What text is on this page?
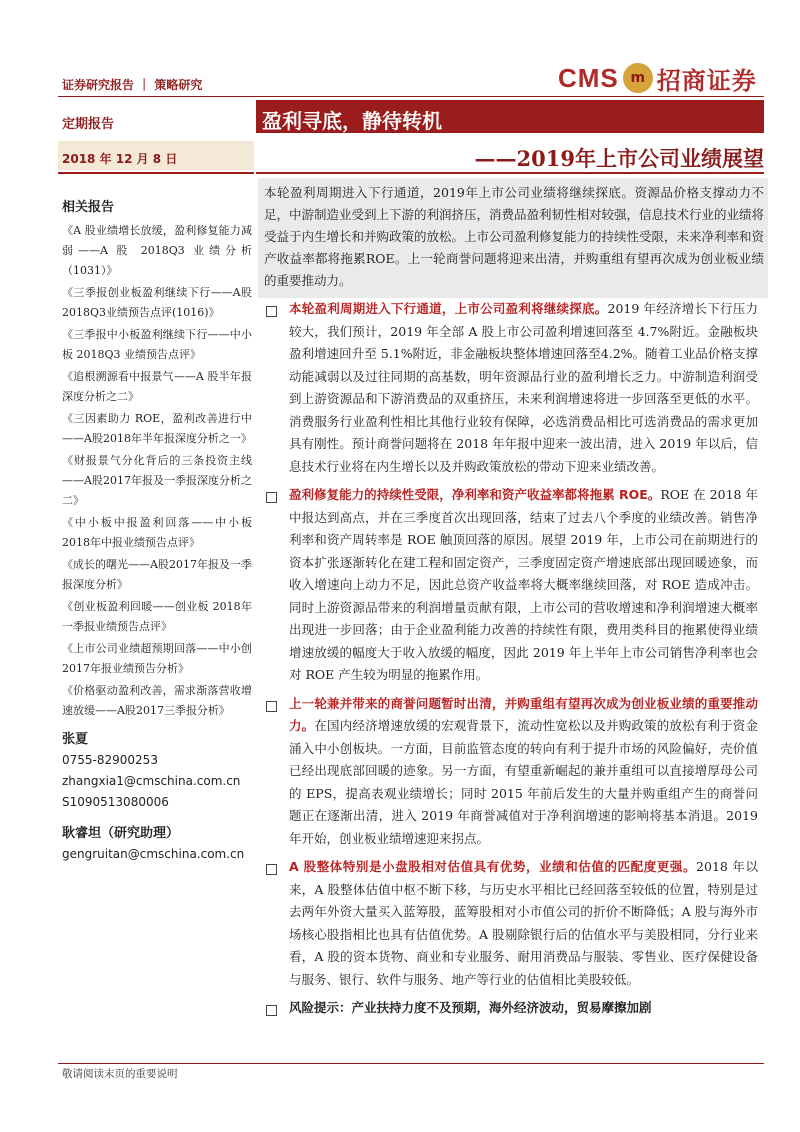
证券研究报告 ｜ 策略研究	CMS m 招商证券
定期报告	盈利寻底，静待转机
2018 年 12 月 8 日	——2019年上市公司业绩展望
相关报告

《A 股业绩增长放缓，盈利修复能力减弱——A 股 2018Q3 业绩分析（1031）》

《三季报创业板盈利继续下行——A股2018Q3业绩预告点评(1016)》

《三季报中小板盈利继续下行——中小板 2018Q3 业绩预告点评》

《追根溯源看中报景气——A 股半年报深度分析之二》

《三因素助力 ROE，盈利改善进行中——A股2018年半年报深度分析之一》

《财报景气分化背后的三条投资主线——A股2017年报及一季报深度分析之二》

《中小板中报盈利回落——中小板2018年中报业绩预告点评》

《成长的曙光——A股2017年报及一季报深度分析》

《创业板盈利回暖——创业板 2018年一季报业绩预告点评》

《上市公司业绩超预期回落——中小创 2017年报业绩预告分析》

《价格驱动盈利改善，需求渐落营收增速放缓——A股2017三季报分析》

张夏
0755-82900253
zhangxia1@cmschina.com.cn
S1090513080006
耿睿坦（研究助理）
gengruitan@cmschina.com.cn
本轮盈利周期进入下行通道，2019年上市公司业绩将继续探底。资源品价格支撑动力不足，中游制造业受到上下游的利润挤压，消费品盈利韧性相对较强，信息技术行业的业绩将受益于内生增长和并购政策的放松。上市公司盈利修复能力的持续性受限，未来净利率和资产收益率都将拖累ROE。上一轮商誉问题将迎来出清，并购重组有望再次成为创业板业绩的重要推动力。
本轮盈利周期进入下行通道，上市公司盈利将继续探底。2019 年经济增长下行压力较大，我们预计，2019 年全部 A 股上市公司盈利增速回落至 4.7%附近。金融板块盈利增速回升至 5.1%附近，非金融板块整体增速回落至4.2%。随着工业品价格支撑动能减弱以及过往同期的高基数，明年资源品行业的盈利增长乏力。中游制造利润受到上游资源品和下游消费品的双重挤压，未来利润增速将进一步回落至更低的水平。消费服务行业盈利性相比其他行业较有保障，必选消费品相比可选消费品的需求更加具有刚性。预计商誉问题将在 2018 年年报中迎来一波出清，进入 2019 年以后，信息技术行业将在内生增长以及并购政策放松的带动下迎来业绩改善。
盈利修复能力的持续性受限，净利率和资产收益率都将拖累 ROE。ROE 在 2018 年中报达到高点，并在三季度首次出现回落，结束了过去八个季度的业绩改善。销售净利率和资产周转率是 ROE 触顶回落的原因。展望 2019 年，上市公司在前期进行的资本扩张逐渐转化在建工程和固定资产，三季度固定资产增速底部出现回暖迹象，而收入增速向上动力不足，因此总资产收益率将大概率继续回落，对 ROE 造成冲击。同时上游资源品带来的利润增量贡献有限，上市公司的营收增速和净利润增速大概率出现进一步回落；由于企业盈利能力改善的持续性有限，费用类科目的拖累使得业绩增速放缓的幅度大于收入放缓的幅度，因此 2019 年上半年上市公司销售净利率也会对 ROE 产生较为明显的拖累作用。
上一轮兼并带来的商誉问题暂时出清，并购重组有望再次成为创业板业绩的重要推动力。在国内经济增速放缓的宏观背景下，流动性宽松以及并购政策的放松有利于资金涌入中小创板块。一方面，目前监管态度的转向有利于提升市场的风险偏好，壳价值已经出现底部回暖的迹象。另一方面，有望重新崛起的兼并重组可以直接增厚母公司的 EPS，提高表观业绩增长；同时 2015 年前后发生的大量并购重组产生的商誉问题正在逐渐出清，进入 2019 年商誉减值对于净利润增速的影响将基本消退。2019 年开始，创业板业绩增速迎来拐点。
A 股整体特别是小盘股相对估值具有优势，业绩和估值的匹配度更强。2018 年以来，A 股整体估值中枢不断下移，与历史水平相比已经回落至较低的位置，特别是过去两年外资大量买入蓝筹股，蓝筹股相对小市值公司的折价不断降低；A 股与海外市场核心股指相比也具有估值优势。A 股剔除银行后的估值水平与美股相同，分行业来看，A 股的资本货物、商业和专业服务、耐用消费品与服装、零售业、医疗保健设备与服务、银行、软件与服务、地产等行业的估值相比美股较低。
风险提示：产业扶持力度不及预期，海外经济波动，贸易摩擦加剧
敬请阅读末页的重要说明
